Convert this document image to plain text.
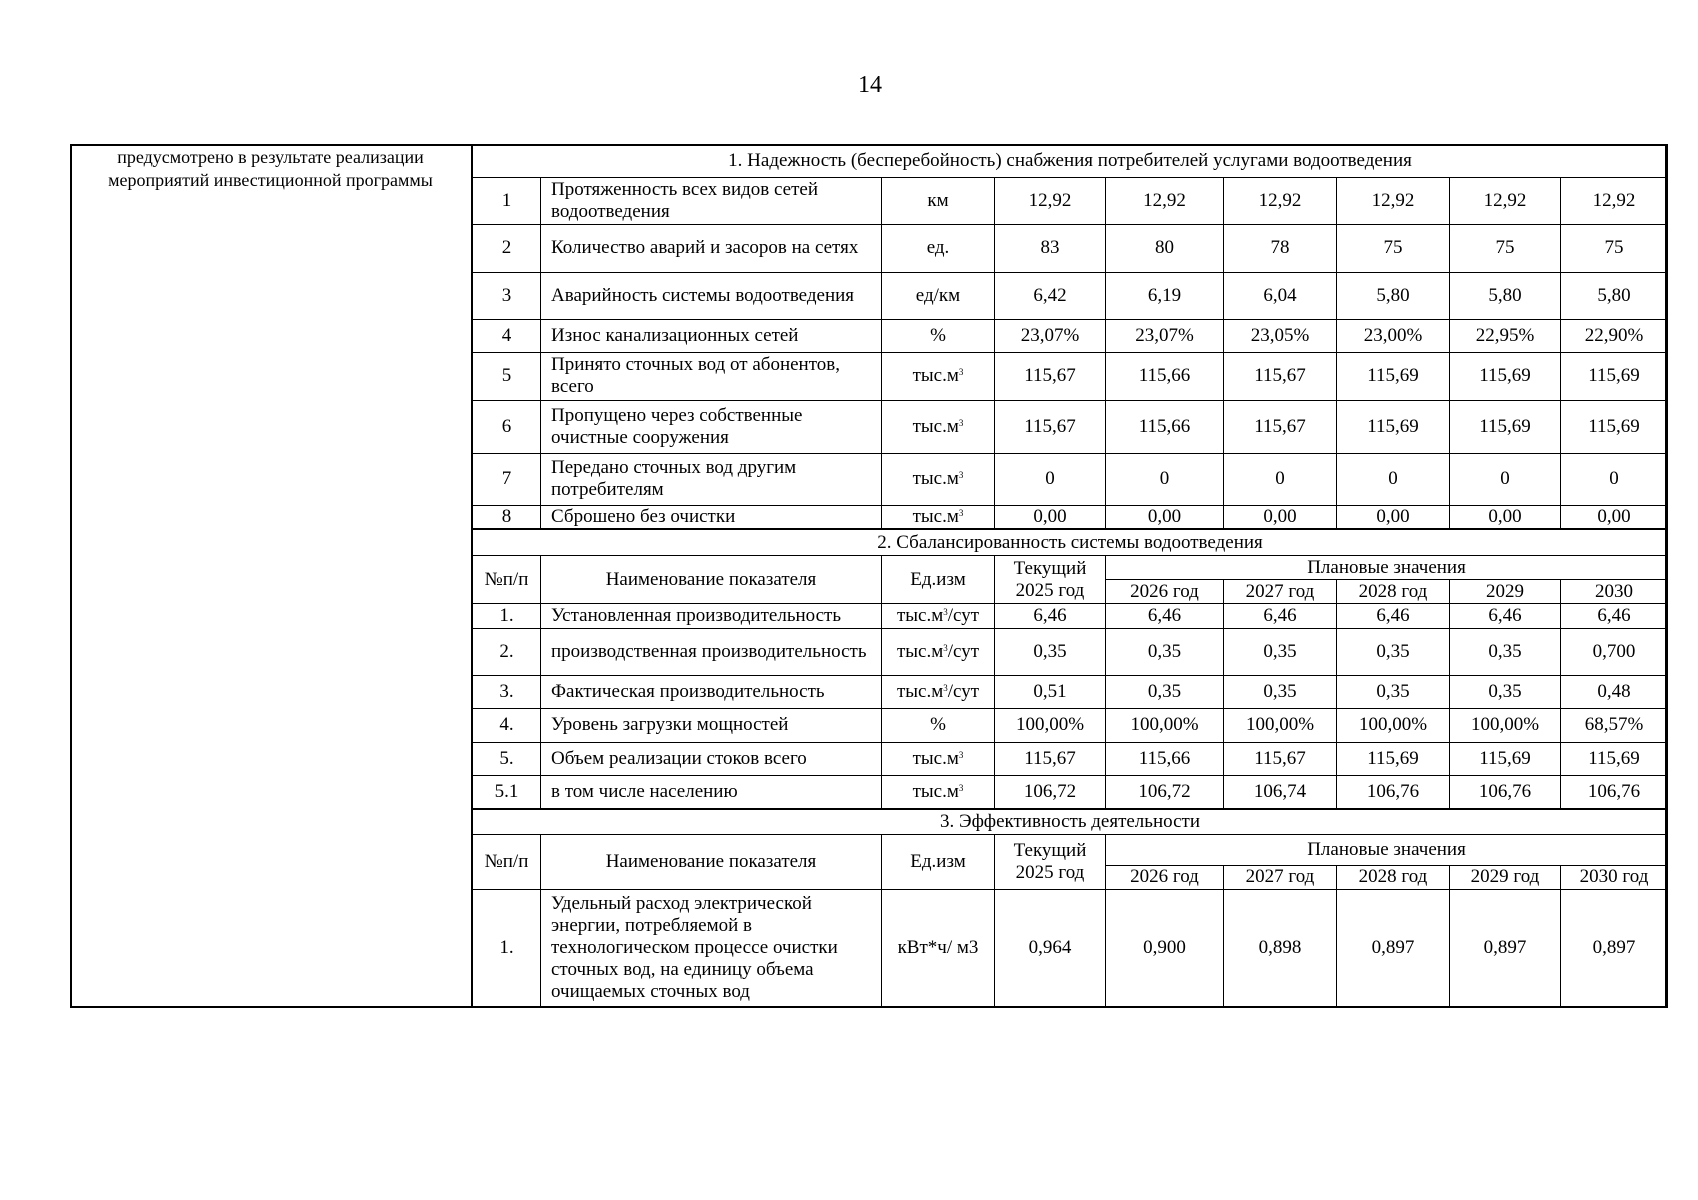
14
предусмотрено в результате реализации мероприятий инвестиционной программы
1. Надежность (бесперебойность) снабжения потребителей услугами водоотведения								
1	Протяженность всех видов сетей водоотведения	км	12,92	12,92	12,92	12,92	12,92	12,92
2	Количество аварий и засоров на сетях	ед.	83	80	78	75	75	75
3	Аварийность системы водоотведения	ед/км	6,42	6,19	6,04	5,80	5,80	5,80
4	Износ канализационных сетей	%	23,07%	23,07%	23,05%	23,00%	22,95%	22,90%
5	Принято сточных вод от абонентов, всего	$тыс.м^3$	115,67	115,66	115,67	115,69	115,69	115,69
6	Пропущено через собственные очистные сооружения	$тыс.м^3$	115,67	115,66	115,67	115,69	115,69	115,69
7	Передано сточных вод другим потребителям	$тыс.м^3$	0	0	0	0	0	0
8	Сброшено без очистки	$тыс.м^3$	0,00	0,00	0,00	0,00	0,00	0,00
2. Сбалансированность системы водоотведения								
№п/п	Наименование показателя	Ед.изм	Текущий 2025 год	Плановые значения				
				2026 год	2027 год	2028 год	2029	2030
1.	Установленная производительность	$тыс.м^3$/сут	6,46	6,46	6,46	6,46	6,46	6,46
2.	производственная производительность	$тыс.м^3$/сут	0,35	0,35	0,35	0,35	0,35	0,700
3.	Фактическая производительность	$тыс.м^3$/сут	0,51	0,35	0,35	0,35	0,35	0,48
4.	Уровень загрузки мощностей	%	100,00%	100,00%	100,00%	100,00%	100,00%	68,57%
5.	Объем реализации стоков всего	$тыс.м^3$	115,67	115,66	115,67	115,69	115,69	115,69
5.1	в том числе населению	$тыс.м^3$	106,72	106,72	106,74	106,76	106,76	106,76
3. Эффективность деятельности								
№п/п	Наименование показателя	Ед.изм	Текущий 2025 год	Плановые значения				
				2026 год	2027 год	2028 год	2029 год	2030 год
1.	Удельный расход электрической энергии, потребляемой в технологическом процессе очистки сточных вод, на единицу объема очищаемых сточных вод	кВт*ч/ м3	0,964	0,900	0,898	0,897	0,897	0,897
